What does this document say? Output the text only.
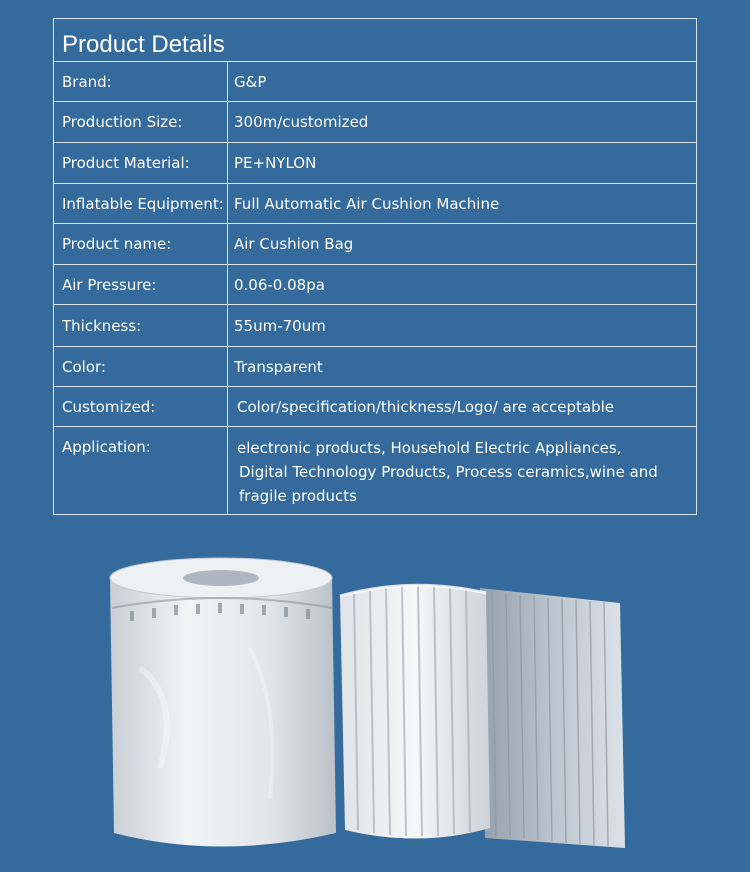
Product Details
Brand:	G&P
Production Size:	300m/customized
Product Material:	PE+NYLON
Inflatable Equipment: Full Automatic Air Cushion Machine
Product name:	Air Cushion Bag
Air Pressure:	0.06-0.08pa
Thickness:	55um-70um
Color:	Transparent
Customized:	Color/specification/thickness/Logo/ are acceptable
Application:	electronic products, Household Electric Appliances,
Digital Technology Products, Process ceramics,wine and
fragile products
